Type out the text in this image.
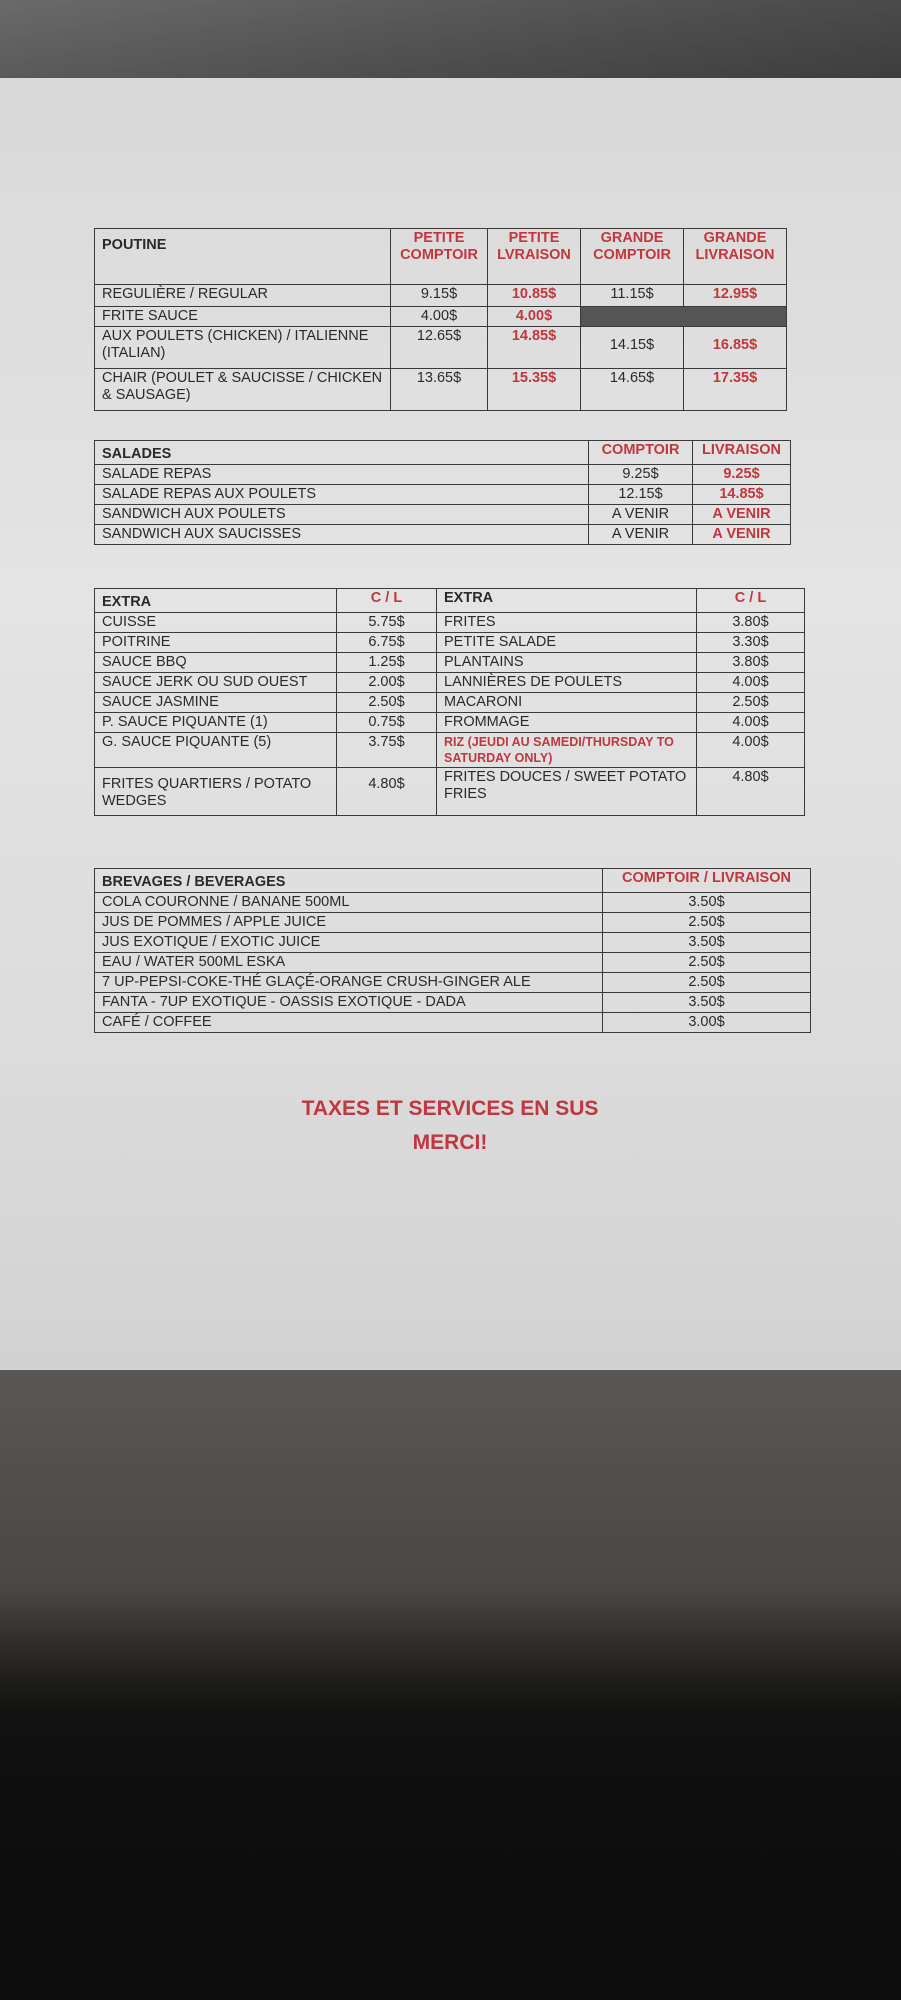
POUTINE	PETITE COMPTOIR	PETITE LVRAISON	GRANDE COMPTOIR	GRANDE LIVRAISON
REGULIÈRE / REGULAR	9.15$	10.85$	11.15$	12.95$
FRITE SAUCE	4.00$	4.00$		
AUX POULETS (CHICKEN) / ITALIENNE (ITALIAN)	12.65$	14.85$	14.15$	16.85$
CHAIR (POULET & SAUCISSE / CHICKEN & SAUSAGE)	13.65$	15.35$	14.65$	17.35$
SALADES	COMPTOIR	LIVRAISON
SALADE REPAS	9.25$	9.25$
SALADE REPAS AUX POULETS	12.15$	14.85$
SANDWICH AUX POULETS	A VENIR	A VENIR
SANDWICH AUX SAUCISSES	A VENIR	A VENIR
EXTRA	C / L	EXTRA	C / L
CUISSE	5.75$	FRITES	3.80$
POITRINE	6.75$	PETITE SALADE	3.30$
SAUCE BBQ	1.25$	PLANTAINS	3.80$
SAUCE JERK OU SUD OUEST	2.00$	LANNIÈRES DE POULETS	4.00$
SAUCE JASMINE	2.50$	MACARONI	2.50$
P. SAUCE PIQUANTE (1)	0.75$	FROMMAGE	4.00$
G. SAUCE PIQUANTE (5)	3.75$	RIZ (JEUDI AU SAMEDI/THURSDAY TO SATURDAY ONLY)	4.00$
FRITES QUARTIERS / POTATO WEDGES	4.80$	FRITES DOUCES / SWEET POTATO FRIES	4.80$
BREVAGES / BEVERAGES	COMPTOIR / LIVRAISON
COLA COURONNE / BANANE 500ML	3.50$
JUS DE POMMES / APPLE JUICE	2.50$
JUS EXOTIQUE / EXOTIC JUICE	3.50$
EAU / WATER 500ML ESKA	2.50$
7 UP-PEPSI-COKE-THÉ GLAÇÉ-ORANGE CRUSH-GINGER ALE	2.50$
FANTA - 7UP EXOTIQUE - OASSIS EXOTIQUE - DADA	3.50$
CAFÉ / COFFEE	3.00$
TAXES ET SERVICES EN SUS
MERCI!
